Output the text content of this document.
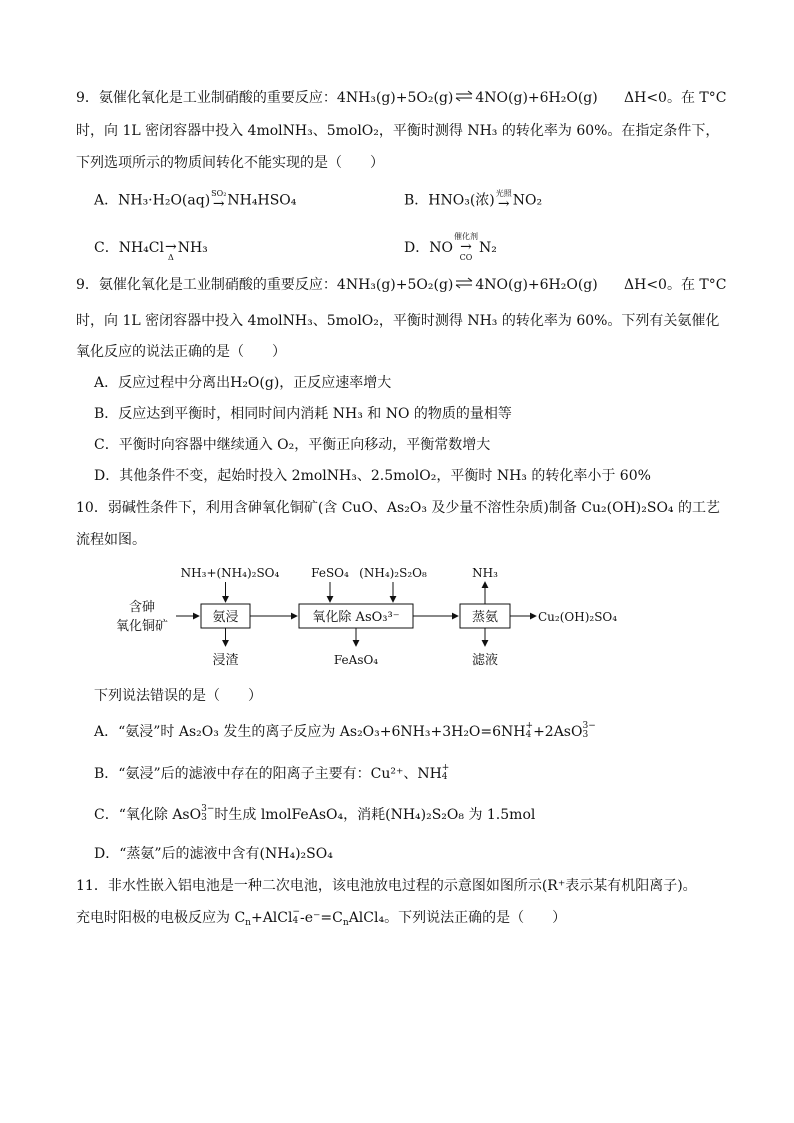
9．氨催化氧化是工业制硝酸的重要反应：4NH₃(g)+5O₂(g) ⇌ 4NO(g)+6H₂O(g) ΔH<0。在 T°C
时，向 1L 密闭容器中投入 4molNH₃、5molO₂，平衡时测得 NH₃ 的转化率为 60%。在指定条件下，
下列选项所示的物质间转化不能实现的是（　　）
A．NH₃·H₂O(aq) SO₂
→ NH₄HSO₄	B．HNO₃(浓) 光照
→ NO₂
C．NH₄Cl →
Δ
NH₃	D．NO
催化剂
→
CO
N₂
9．氨催化氧化是工业制硝酸的重要反应：4NH₃(g)+5O₂(g) ⇌ 4NO(g)+6H₂O(g) ΔH<0。在 T°C
时，向 1L 密闭容器中投入 4molNH₃、5molO₂，平衡时测得 NH₃ 的转化率为 60%。下列有关氨催化
氧化反应的说法正确的是（　　）
A．反应过程中分离出H₂O(g)，正反应速率增大
B．反应达到平衡时，相同时间内消耗 NH₃ 和 NO 的物质的量相等
C．平衡时向容器中继续通入 O₂，平衡正向移动，平衡常数增大
D．其他条件不变，起始时投入 2molNH₃、2.5molO₂，平衡时 NH₃ 的转化率小于 60%
10．弱碱性条件下，利用含砷氧化铜矿(含 CuO、As₂O₃ 及少量不溶性杂质)制备 Cu₂(OH)₂SO₄ 的工艺
流程如图。
含砷
氧化铜矿
氨浸
NH₃+(NH₄)₂SO₄
浸渣
氧化除 AsO₃³⁻
FeSO₄ (NH₄)₂S₂O₈
FeAsO₄
蒸氨
NH₃
滤液
Cu₂(OH)₂SO₄
下列说法错误的是（　　）
A．“氨浸”时 As₂O₃ 发生的离子反应为 As₂O₃+6NH₃+3H₂O=6NH +
4 +2AsO 3−
3
B．“氨浸”后的滤液中存在的阳离子主要有：Cu²⁺、NH +
4
C．“氧化除 AsO 3−
3 时生成 lmolFeAsO₄，消耗(NH₄)₂S₂O₈ 为 1.5mol
D．“蒸氨”后的滤液中含有(NH₄)₂SO₄
11．非水性嵌入铝电池是一种二次电池，该电池放电过程的示意图如图所示(R⁺表示某有机阳离子)。
充电时阳极的电极反应为 $C_n+AlCl$ −
4 $-e^-=C_nAlCl_4$。下列说法正确的是（　　）
